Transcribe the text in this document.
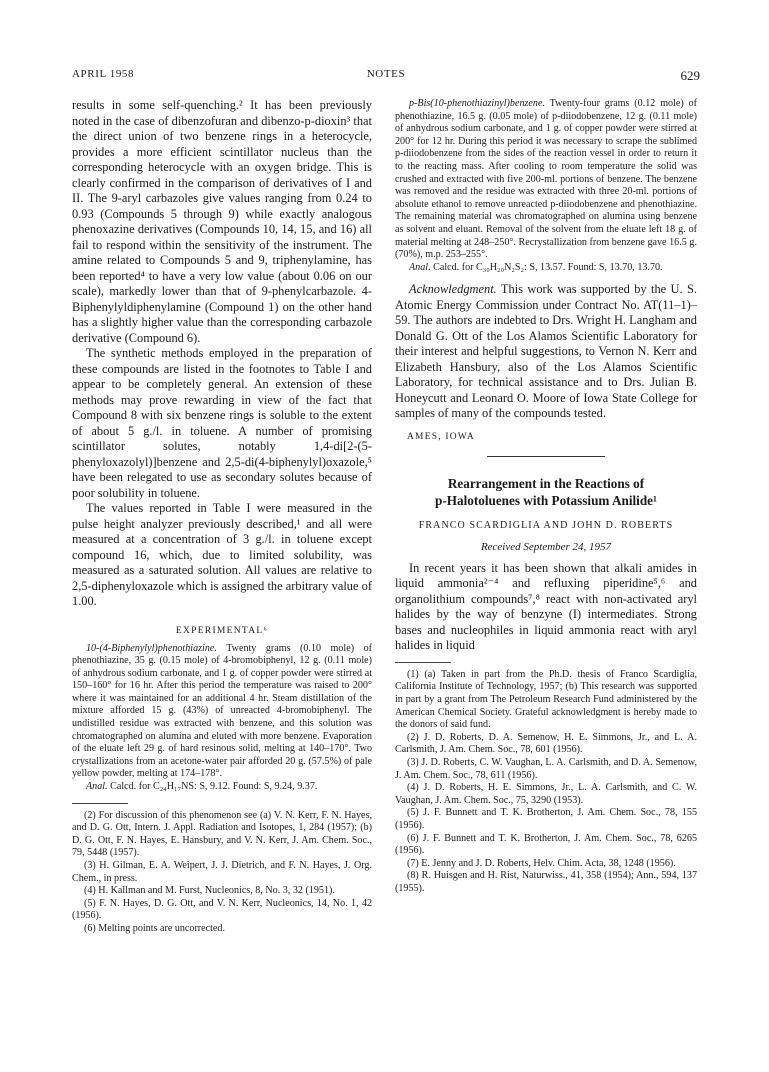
APRIL 1958	NOTES	629

results in some self-quenching.² It has been previously noted in the case of dibenzofuran and dibenzo-p-dioxin³ that the direct union of two benzene rings in a heterocycle, provides a more efficient scintillator nucleus than the corresponding heterocycle with an oxygen bridge. This is clearly confirmed in the comparison of derivatives of I and II. The 9-aryl carbazoles give values ranging from 0.24 to 0.93 (Compounds 5 through 9) while exactly analogous phenoxazine derivatives (Compounds 10, 14, 15, and 16) all fail to respond within the sensitivity of the instrument. The amine related to Compounds 5 and 9, triphenylamine, has been reported⁴ to have a very low value (about 0.06 on our scale), markedly lower than that of 9-phenylcarbazole. 4-Biphenylyldiphenylamine (Compound 1) on the other hand has a slightly higher value than the corresponding carbazole derivative (Compound 6).

The synthetic methods employed in the preparation of these compounds are listed in the footnotes to Table I and appear to be completely general. An extension of these methods may prove rewarding in view of the fact that Compound 8 with six benzene rings is soluble to the extent of about 5 g./l. in toluene. A number of promising scintillator solutes, notably 1,4-di[2-(5-phenyloxazolyl)]benzene and 2,5-di(4-biphenylyl)oxazole,⁵ have been relegated to use as secondary solutes because of poor solubility in toluene.

The values reported in Table I were measured in the pulse height analyzer previously described,¹ and all were measured at a concentration of 3 g./l. in toluene except compound 16, which, due to limited solubility, was measured as a saturated solution. All values are relative to 2,5-diphenyloxazole which is assigned the arbitrary value of 1.00.

EXPERIMENTAL⁶

10-(4-Biphenylyl)phenothiazine. Twenty grams (0.10 mole) of phenothiazine, 35 g. (0.15 mole) of 4-bromobiphenyl, 12 g. (0.11 mole) of anhydrous sodium carbonate, and 1 g. of copper powder were stirred at 150–160° for 16 hr. After this period the temperature was raised to 200° where it was maintained for an additional 4 hr. Steam distillation of the mixture afforded 15 g. (43%) of unreacted 4-bromobiphenyl. The undistilled residue was extracted with benzene, and this solution was chromatographed on alumina and eluted with more benzene. Evaporation of the eluate left 29 g. of hard resinous solid, melting at 140–170°. Two crystallizations from an acetone-water pair afforded 20 g. (57.5%) of pale yellow powder, melting at 174–178°.

Anal. Calcd. for C₂₄H₁₇NS: S, 9.12. Found: S, 9.24, 9.37.

(2) For discussion of this phenomenon see (a) V. N. Kerr, F. N. Hayes, and D. G. Ott, Intern. J. Appl. Radiation and Isotopes, 1, 284 (1957); (b) D. G. Ott, F. N. Hayes, E. Hansbury, and V. N. Kerr, J. Am. Chem. Soc., 79, 5448 (1957).

(3) H. Gilman, E. A. Weipert, J. J. Dietrich, and F. N. Hayes, J. Org. Chem., in press.

(4) H. Kallman and M. Furst, Nucleonics, 8, No. 3, 32 (1951).

(5) F. N. Hayes, D. G. Ott, and V. N. Kerr, Nucleonics, 14, No. 1, 42 (1956).

(6) Melting points are uncorrected.

p-Bis(10-phenothiazinyl)benzene. Twenty-four grams (0.12 mole) of phenothiazine, 16.5 g. (0.05 mole) of p-diiodobenzene, 12 g. (0.11 mole) of anhydrous sodium carbonate, and 1 g. of copper powder were stirred at 200° for 12 hr. During this period it was necessary to scrape the sublimed p-diiodobenzene from the sides of the reaction vessel in order to return it to the reacting mass. After cooling to room temperature the solid was crushed and extracted with five 200-ml. portions of benzene. The benzene was removed and the residue was extracted with three 20-ml. portions of absolute ethanol to remove unreacted p-diiodobenzene and phenothiazine. The remaining material was chromatographed on alumina using benzene as solvent and eluant. Removal of the solvent from the eluate left 18 g. of material melting at 248–250°. Recrystallization from benzene gave 16.5 g. (70%), m.p. 253–255°.

Anal. Calcd. for C₃₀H₂₀N₂S₂: S, 13.57. Found: S, 13.70, 13.70.

Acknowledgment. This work was supported by the U. S. Atomic Energy Commission under Contract No. AT(11–1)–59. The authors are indebted to Drs. Wright H. Langham and Donald G. Ott of the Los Alamos Scientific Laboratory for their interest and helpful suggestions, to Vernon N. Kerr and Elizabeth Hansbury, also of the Los Alamos Scientific Laboratory, for technical assistance and to Drs. Julian B. Honeycutt and Leonard O. Moore of Iowa State College for samples of many of the compounds tested.

AMES, IOWA
Rearrangement in the Reactions of
p-Halotoluenes with Potassium Anilide¹
FRANCO SCARDIGLIA AND JOHN D. ROBERTS
Received September 24, 1957

In recent years it has been shown that alkali amides in liquid ammonia²⁻⁴ and refluxing piperidine⁵,⁶ and organolithium compounds⁷,⁸ react with non-activated aryl halides by the way of benzyne (I) intermediates. Strong bases and nucleophiles in liquid ammonia react with aryl halides in liquid

(1) (a) Taken in part from the Ph.D. thesis of Franco Scardiglia, California Institute of Technology, 1957; (b) This research was supported in part by a grant from The Petroleum Research Fund administered by the American Chemical Society. Grateful acknowledgment is hereby made to the donors of said fund.

(2) J. D. Roberts, D. A. Semenow, H. E. Simmons, Jr., and L. A. Carlsmith, J. Am. Chem. Soc., 78, 601 (1956).

(3) J. D. Roberts, C. W. Vaughan, L. A. Carlsmith, and D. A. Semenow, J. Am. Chem. Soc., 78, 611 (1956).

(4) J. D. Roberts, H. E. Simmons, Jr., L. A. Carlsmith, and C. W. Vaughan, J. Am. Chem. Soc., 75, 3290 (1953).

(5) J. F. Bunnett and T. K. Brotherton, J. Am. Chem. Soc., 78, 155 (1956).

(6) J. F. Bunnett and T. K. Brotherton, J. Am. Chem. Soc., 78, 6265 (1956).

(7) E. Jenny and J. D. Roberts, Helv. Chim. Acta, 38, 1248 (1956).

(8) R. Huisgen and H. Rist, Naturwiss., 41, 358 (1954); Ann., 594, 137 (1955).
